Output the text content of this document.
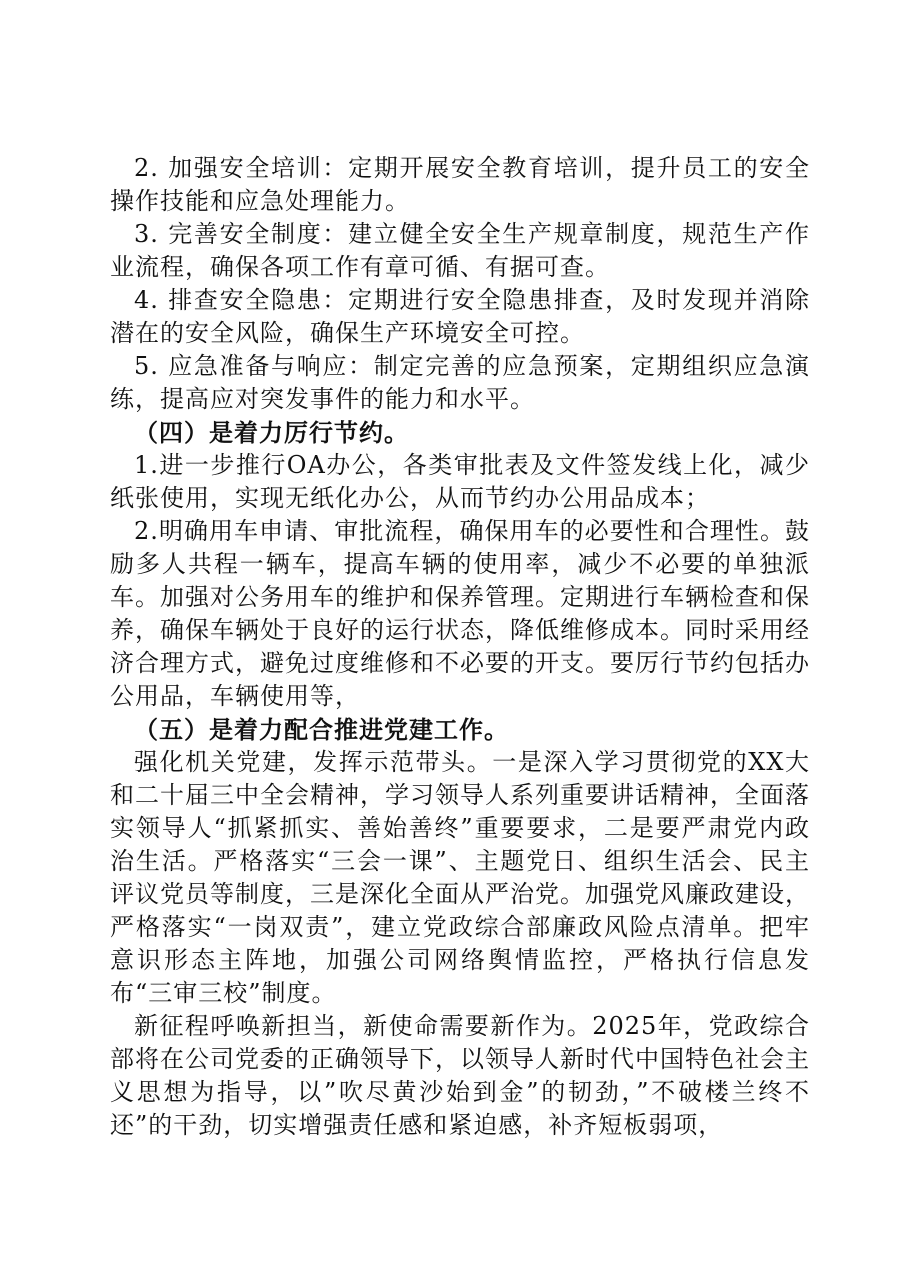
2. 加强安全培训：定期开展安全教育培训，提升员工的安全操作技能和应急处理能力。

3. 完善安全制度：建立健全安全生产规章制度，规范生产作业流程，确保各项工作有章可循、有据可查。

4. 排查安全隐患：定期进行安全隐患排查，及时发现并消除潜在的安全风险，确保生产环境安全可控。

5. 应急准备与响应：制定完善的应急预案，定期组织应急演练，提高应对突发事件的能力和水平。

（四）是着力厉行节约。

1.进一步推行OA办公，各类审批表及文件签发线上化，减少纸张使用，实现无纸化办公，从而节约办公用品成本；

2.明确用车申请、审批流程，确保用车的必要性和合理性。鼓励多人共程一辆车，提高车辆的使用率，减少不必要的单独派车。加强对公务用车的维护和保养管理。定期进行车辆检查和保养，确保车辆处于良好的运行状态，降低维修成本。同时采用经济合理方式，避免过度维修和不必要的开支。要厉行节约包括办公用品，车辆使用等，

（五）是着力配合推进党建工作。

强化机关党建，发挥示范带头。一是深入学习贯彻党的XX大和二十届三中全会精神，学习领导人系列重要讲话精神，全面落实领导人“抓紧抓实、善始善终”重要要求，二是要严肃党内政治生活。严格落实“三会一课”、主题党日、组织生活会、民主评议党员等制度，三是深化全面从严治党。加强党风廉政建设，严格落实“一岗双责”，建立党政综合部廉政风险点清单。把牢意识形态主阵地，加强公司网络舆情监控，严格执行信息发布“三审三校”制度。

新征程呼唤新担当，新使命需要新作为。2025年，党政综合部将在公司党委的正确领导下，以领导人新时代中国特色社会主义思想为指导，以”吹尽黄沙始到金”的韧劲，”不破楼兰终不还”的干劲，切实增强责任感和紧迫感，补齐短板弱项，
